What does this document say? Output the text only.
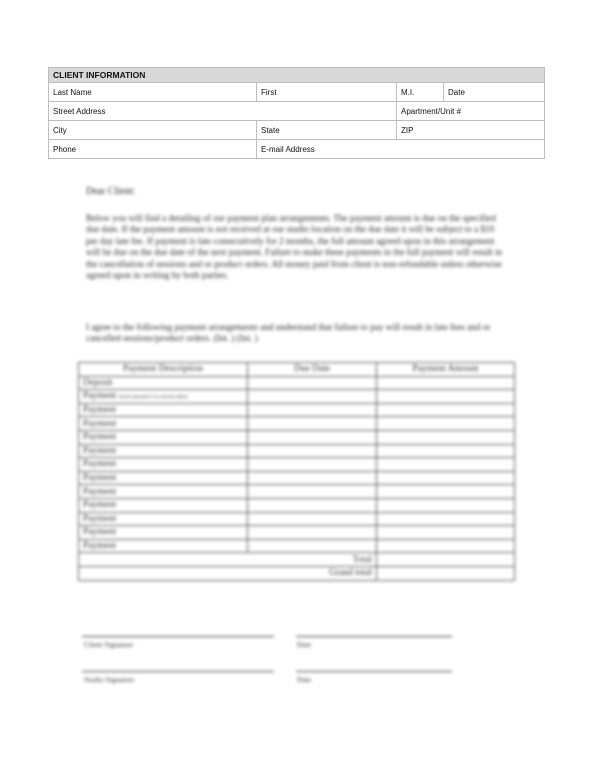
CLIENT INFORMATION			
Last Name	First	M.I.	Date
Street Address		Apartment/Unit #	
City	State	ZIP	
Phone	E-mail Address		

Dear Client:

Below you will find a detailing of our payment plan arrangements. The payment amount is due on the specified due date. If the payment amount is not received at our studio location on the due date it will be subject to a $10 per day late fee. If payment is late consecutively for 2 months, the full amount agreed upon in this arrangement will be due on the due date of the next payment. Failure to make these payments in the full payment will result in the cancellation of sessions and or product orders. All money paid from client is non-refundable unless otherwise agreed upon in writing by both parties.

I agree to the following payment arrangements and understand that failure to pay will result in late fees and or cancelled sessions/product orders. (Int. ) (Int. )

Payment Description	Due Date	Payment Amount
Deposit		
Payment (insert payment # or session dates)		
Payment		
Payment		
Payment		
Payment		
Payment		
Payment		
Payment		
Payment		
Payment		
Payment		
Payment		
Total		
Grand total		
Client Signature	Date
Studio Signature	Date
